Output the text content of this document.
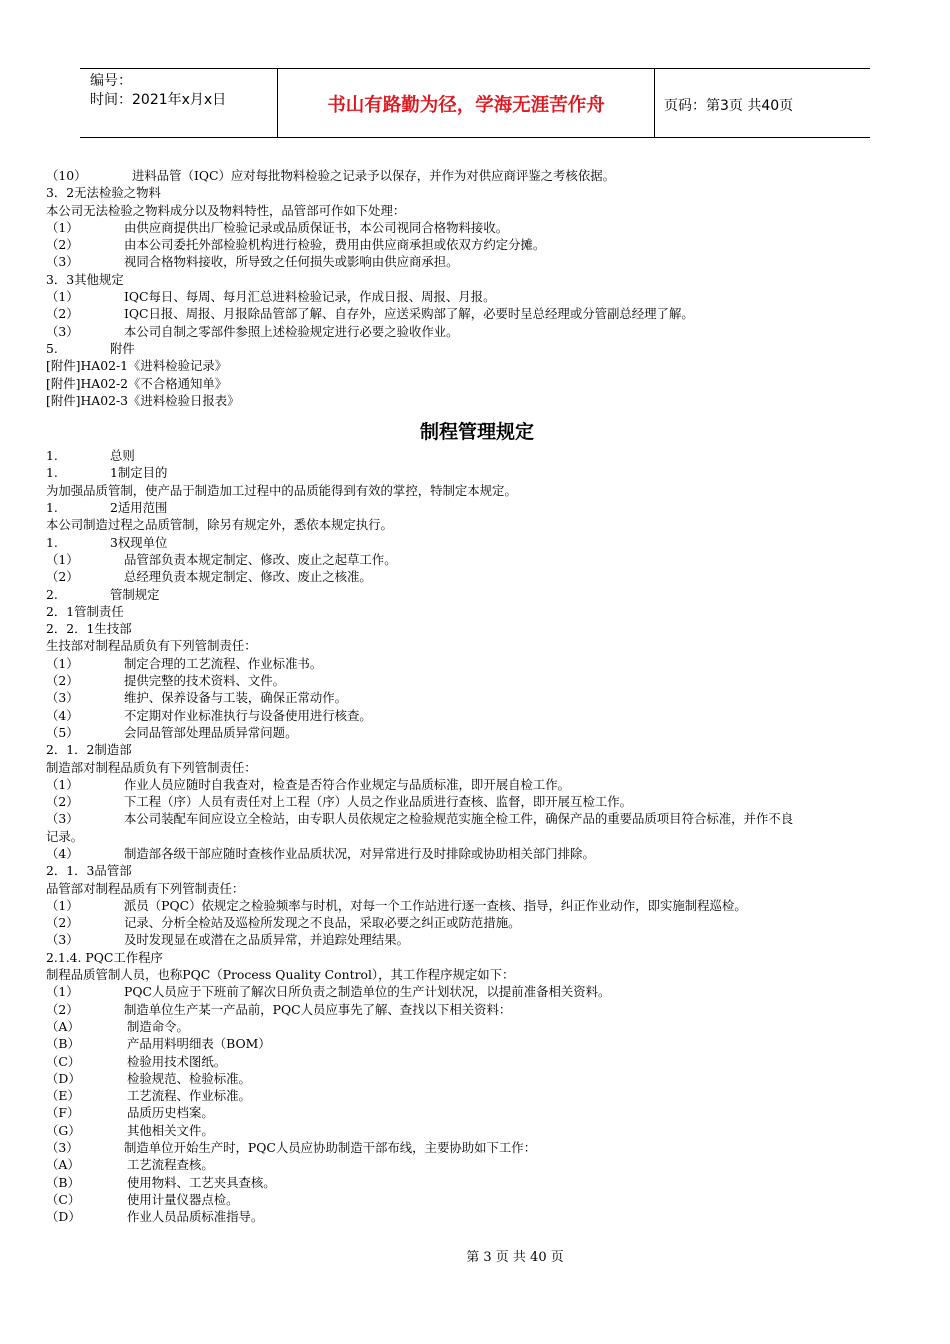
编号：
时间：2021年x月x日	书山有路勤为径，学海无涯苦作舟	页码：第3页 共40页
（10）	进料品管（IQC）应对每批物料检验之记录予以保存，并作为对供应商评鉴之考核依据。
3．2无法检验之物料
本公司无法检验之物料成分以及物料特性，品管部可作如下处理：
（1）	由供应商提供出厂检验记录或品质保证书，本公司视同合格物料接收。
（2）	由本公司委托外部检验机构进行检验，费用由供应商承担或依双方约定分摊。
（3）	视同合格物料接收，所导致之任何损失或影响由供应商承担。
3．3其他规定
（1）	IQC每日、每周、每月汇总进料检验记录，作成日报、周报、月报。
（2）	IQC日报、周报、月报除品管部了解、自存外，应送采购部了解，必要时呈总经理或分管副总经理了解。
（3）	本公司自制之零部件参照上述检验规定进行必要之验收作业。
5.	附件
[附件]HA02-1《进料检验记录》
[附件]HA02-2《不合格通知单》
[附件]HA02-3《进料检验日报表》
制程管理规定
1.	总则
1.	1制定目的
为加强品质管制，使产品于制造加工过程中的品质能得到有效的掌控，特制定本规定。
1.	2适用范围
本公司制造过程之品质管制，除另有规定外，悉依本规定执行。
1.	3权现单位
（1）	品管部负责本规定制定、修改、废止之起草工作。
（2）	总经理负责本规定制定、修改、废止之核准。
2.	管制规定
2．1管制责任
2．2．1生技部
生技部对制程品质负有下列管制责任：
（1）	制定合理的工艺流程、作业标准书。
（2）	提供完整的技术资料、文件。
（3）	维护、保养设备与工装，确保正常动作。
（4）	不定期对作业标准执行与设备使用进行核查。
（5）	会同品管部处理品质异常问题。
2．1．2制造部
制造部对制程品质负有下列管制责任：
（1）	作业人员应随时自我查对，检查是否符合作业规定与品质标准，即开展自检工作。
（2）	下工程（序）人员有责任对上工程（序）人员之作业品质进行查核、监督，即开展互检工作。
（3）	本公司装配车间应设立全检站，由专职人员依规定之检验规范实施全检工件，确保产品的重要品质项目符合标准，并作不良
记录。
（4）	制造部各级干部应随时查核作业品质状况，对异常进行及时排除或协助相关部门排除。
2．1．3品管部
品管部对制程品质有下列管制责任：
（1）	派员（PQC）依规定之检验频率与时机，对每一个工作站进行逐一查核、指导，纠正作业动作，即实施制程巡检。
（2）	记录、分析全检站及巡检所发现之不良品，采取必要之纠正或防范措施。
（3）	及时发现显在或潜在之品质异常，并追踪处理结果。
2.1.4. PQC工作程序
制程品质管制人员，也称PQC（Process Quality Control），其工作程序规定如下：
（1）	PQC人员应于下班前了解次日所负责之制造单位的生产计划状况，以提前准备相关资料。
（2）	制造单位生产某一产品前，PQC人员应事先了解、查找以下相关资料：
（A）	制造命令。
（B）	产品用料明细表（BOM）
（C）	检验用技术图纸。
（D）	检验规范、检验标准。
（E）	工艺流程、作业标准。
（F）	品质历史档案。
（G）	其他相关文件。
（3）	制造单位开始生产时，PQC人员应协助制造干部布线，主要协助如下工作：
（A）	工艺流程查核。
（B）	使用物料、工艺夹具查核。
（C）	使用计量仪器点检。
（D）	作业人员品质标准指导。
第 3 页 共 40 页
